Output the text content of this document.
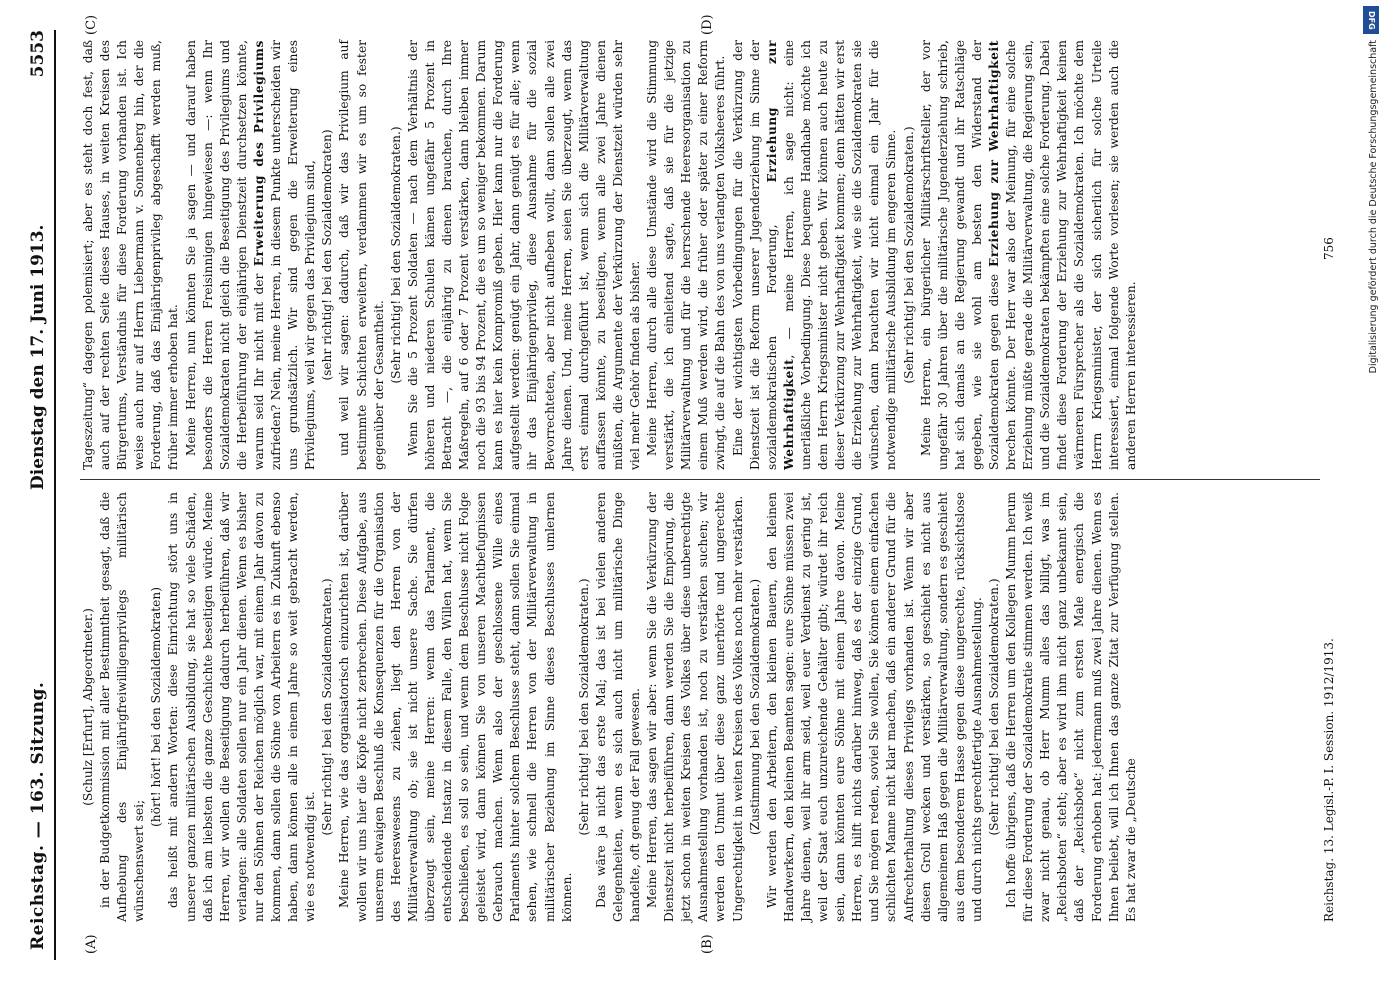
Reichstag. — 163. Sitzung.
Dienstag den 17. Juni 1913.
5553
(A)	(B)
(C)	(D)

(Schulz [Erfurt], Abgeordneter.) in der Budgetkommission mit aller Bestimmtheit gesagt, daß die Aufhebung des Einjährigfreiwilligenprivilegs militärisch wünschenswert sei;

(hört! hört! bei den Sozialdemokraten) das heißt mit andern Worten: diese Einrichtung stört uns in unserer ganzen militärischen Ausbildung, sie hat so viele Schäden, daß ich am liebsten die ganze Geschichte beseitigen würde. Meine Herren, wir wollen die Beseitigung dadurch herbeiführen, daß wir verlangen: alle Soldaten sollen nur ein Jahr dienen. Wenn es bisher nur den Söhnen der Reichen möglich war, mit einem Jahr davon zu kommen, dann sollen die Söhne von Arbeitern es in Zukunft ebenso haben, dann können alle in einem Jahre so weit gebracht werden, wie es notwendig ist.

(Sehr richtig! bei den Sozialdemokraten.) Meine Herren, wie das organisatorisch einzurichten ist, darüber wollen wir uns hier die Köpfe nicht zerbrechen. Diese Aufgabe, aus unserem etwaigen Beschluß die Konsequenzen für die Organisation des Heereswesens zu ziehen, liegt den Herren von der Militärverwaltung ob; sie ist nicht unsere Sache. Sie dürfen überzeugt sein, meine Herren: wenn das Parlament, die entscheidende Instanz in diesem Falle, den Willen hat, wenn Sie beschließen, es soll so sein, und wenn dem Beschlusse nicht Folge geleistet wird, dann können Sie von unseren Machtbefugnissen Gebrauch machen. Wenn also der geschlossene Wille eines Parlaments hinter solchem Beschlusse steht, dann sollen Sie einmal sehen, wie schnell die Herren von der Militärverwaltung in militärischer Beziehung im Sinne dieses Beschlusses umlernen können.

(Sehr richtig! bei den Sozialdemokraten.) Das wäre ja nicht das erste Mal; das ist bei vielen anderen Gelegenheiten, wenn es sich auch nicht um militärische Dinge handelte, oft genug der Fall gewesen. Meine Herren, das sagen wir aber: wenn Sie die Verkürzung der Dienstzeit nicht herbeiführen, dann werden Sie die Empörung, die jetzt schon in weiten Kreisen des Volkes über diese unberechtigte Ausnahmestellung vorhanden ist, noch zu verstärken suchen; wir werden den Unmut über diese ganz unerhörte und ungerechte Ungerechtigkeit in weiten Kreisen des Volkes noch mehr verstärken. (Zustimmung bei den Sozialdemokraten.) Wir werden den Arbeitern, den kleinen Bauern, den kleinen Handwerkern, den kleinen Beamten sagen: eure Söhne müssen zwei Jahre dienen, weil ihr arm seid, weil euer Verdienst zu gering ist, weil der Staat euch unzureichende Gehälter gibt; würdet ihr reich sein, dann könnten eure Söhne mit einem Jahre davon. Meine Herren, es hilft nichts darüber hinweg, daß es der einzige Grund, und Sie mögen reden, soviel Sie wollen, Sie können einem einfachen schlichten Manne nicht klar machen, daß ein anderer Grund für die Aufrechterhaltung dieses Privilegs vorhanden ist. Wenn wir aber diesen Groll wecken und verstärken, so geschieht es nicht aus allgemeinem Haß gegen die Militärverwaltung, sondern es geschieht aus dem besonderem Hasse gegen diese ungerechte, rücksichtslose und durch nichts gerechtfertigte Ausnahmestellung. (Sehr richtig! bei den Sozialdemokraten.) Ich hoffe übrigens, daß die Herren um den Kollegen Mumm herum für diese Forderung der Sozialdemokratie stimmen werden. Ich weiß zwar nicht genau, ob Herr Mumm alles das billigt, was im „Reichsboten“ steht; aber es wird ihm nicht ganz unbekannt sein, daß der „Reichsbote“ nicht zum ersten Male energisch die Forderung erhoben hat: jedermann muß zwei Jahre dienen. Wenn es Ihnen beliebt, will ich Ihnen das ganze Zitat zur Verfügung stellen. Es hat zwar die „Deutsche

Tageszeitung“ dagegen polemisiert; aber es steht doch fest, daß auch auf der rechten Seite dieses Hauses, in weiten Kreisen des Bürgertums, Verständnis für diese Forderung vorhanden ist. Ich weise auch nur auf Herrn Liebermann v. Sonnenberg hin, der die Forderung, daß das Einjährigenprivileg abgeschafft werden muß, früher immer erhoben hat. Meine Herren, nun könnten Sie ja sagen — und darauf haben besonders die Herren Freisinnigen hingewiesen —: wenn Ihr Sozialdemokraten nicht gleich die Beseitigung des Privilegiums und die Herbeiführung der einjährigen Dienstzeit durchsetzen könnte, warum seid Ihr nicht mit der Erweiterung des Privilegiums zufrieden? Nein, meine Herren, in diesem Punkte unterscheiden wir uns grundsätzlich. Wir sind gegen die Erweiterung eines Privilegiums, weil wir gegen das Privilegium sind, (sehr richtig! bei den Sozialdemokraten) und weil wir sagen: dadurch, daß wir das Privilegium auf bestimmte Schichten erweitern, verdammen wir es um so fester gegenüber der Gesamtheit.

(Sehr richtig! bei den Sozialdemokraten.) Wenn Sie die 5 Prozent Soldaten — nach dem Verhältnis der höheren und niederen Schulen kämen ungefähr 5 Prozent in Betracht —, die einjährig zu dienen brauchen, durch Ihre Maßregeln, auf 6 oder 7 Prozent verstärken, dann bleiben immer noch die 93 bis 94 Prozent, die es um so weniger bekommen. Darum kann es hier kein Kompromiß geben. Hier kann nur die Forderung aufgestellt werden: genügt ein Jahr, dann genügt es für alle; wenn ihr das Einjährigenprivileg, diese Ausnahme für die sozial Bevorrechteten, aber nicht aufheben wollt, dann sollen alle zwei Jahre dienen. Und, meine Herren, seien Sie überzeugt, wenn das erst einmal durchgeführt ist, wenn sich die Militärverwaltung auffassen könnte, zu beseitigen, wenn alle zwei Jahre dienen müßten, die Argumente der Verkürzung der Dienstzeit würden sehr viel mehr Gehör finden als bisher. Meine Herren, durch alle diese Umstände wird die Stimmung verstärkt, die ich einleitend sagte, daß sie für die jetzige Militärverwaltung und für die herrschende Heeresorganisation zu einem Muß werden wird, die früher oder später zu einer Reform zwingt, die auf die Bahn des von uns verlangten Volksheeres führt. Eine der wichtigsten Vorbedingungen für die Verkürzung der Dienstzeit ist die Reform unserer Jugenderziehung im Sinne der sozialdemokratischen Forderung, Erziehung zur Wehrhaftigkeit, — meine Herren, ich sage nicht: eine unerläßliche Vorbedingung. Diese bequeme Handhabe möchte ich dem Herrn Kriegsminister nicht geben. Wir können auch heute zu dieser Verkürzung zur Wehrhaftigkeit kommen; denn hätten wir erst die Erziehung zur Wehrhaftigkeit, wie sie die Sozialdemokraten sie wünschen, dann brauchten wir nicht einmal ein Jahr für die notwendige militärische Ausbildung im engeren Sinne. (Sehr richtig! bei den Sozialdemokraten.) Meine Herren, ein bürgerlicher Militärschriftsteller, der vor ungefähr 30 Jahren über die militärische Jugenderziehung schrieb, hat sich damals an die Regierung gewandt und ihr Ratschläge gegeben, wie sie wohl am besten den Widerstand der Sozialdemokraten gegen diese Erziehung zur Wehrhaftigkeit brechen könnte. Der Herr war also der Meinung, für eine solche Erziehung müßte gerade die Militärverwaltung, die Regierung sein, und die Sozialdemokraten bekämpften eine solche Forderung. Dabei findet diese Forderung der Erziehung zur Wehrhaftigkeit keinen wärmeren Fürsprecher als die Sozialdemokraten. Ich möchte dem Herrn Kriegsminister, der sich sicherlich für solche Urteile interessiert, einmal folgende Worte vorlesen; sie werden auch die anderen Herren interessieren.

Reichstag. 13. Legisl.-P. I. Session. 1912/1913.
756
DFG
Digitalisierung gefördert durch die Deutsche Forschungsgemeinschaft
